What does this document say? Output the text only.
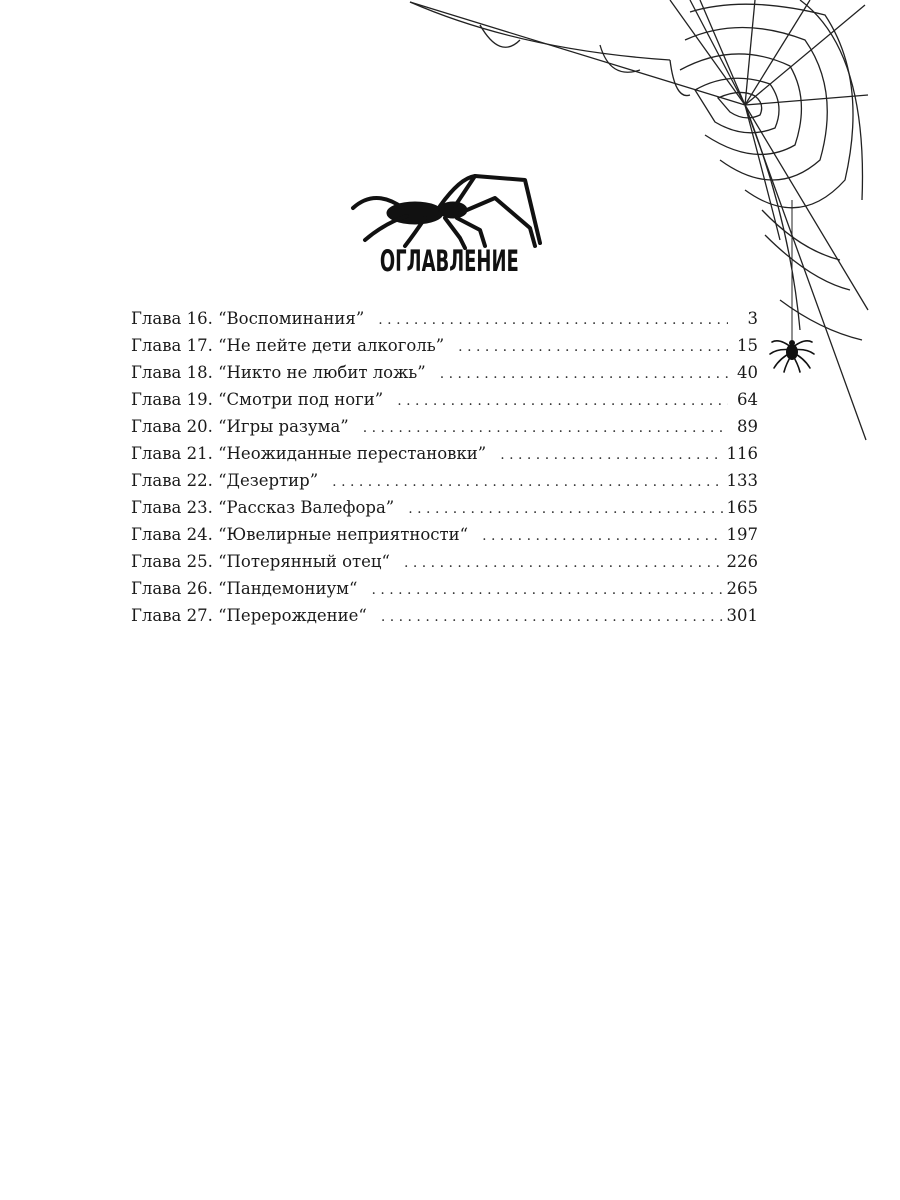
ОГЛАВЛЕНИЕ
Глава 16. “Воспоминания” . . .	3
Глава 17. “Не пейте дети алкоголь” . . .	15
Глава 18. “Никто не любит ложь” . . .	40
Глава 19. “Смотри под ноги” . . .	64
Глава 20. “Игры разума” . . .	89
Глава 21. “Неожиданные перестановки” . . .	116
Глава 22. “Дезертир” . . .	133
Глава 23. “Рассказ Валефора” . . .	165
Глава 24. “Ювелирные неприятности“ . . .	197
Глава 25. “Потерянный отец“ . . .	226
Глава 26. “Пандемониум“ . . .	265
Глава 27. “Перерождение“ . . .	301
